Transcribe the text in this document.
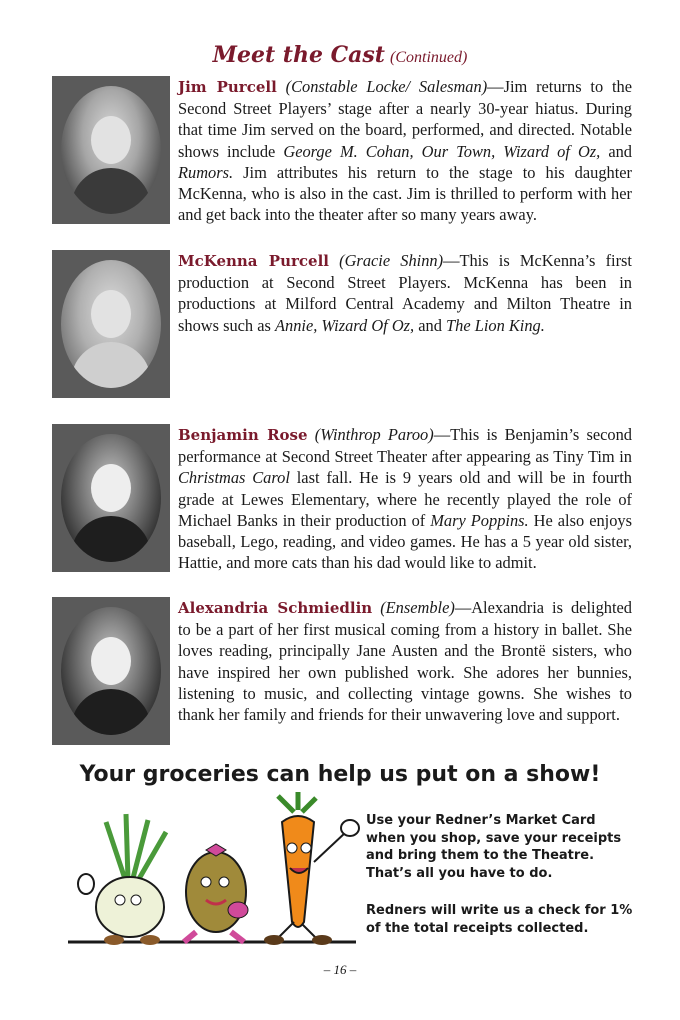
Meet the Cast (Continued)
Jim Purcell (Constable Locke/ Salesman)—Jim returns to the Second Street Players’ stage after a nearly 30-year hiatus. During that time Jim served on the board, performed, and directed. Notable shows include George M. Cohan, Our Town, Wizard of Oz, and Rumors. Jim attributes his return to the stage to his daughter McKenna, who is also in the cast. Jim is thrilled to perform with her and get back into the theater after so many years away.
McKenna Purcell (Gracie Shinn)—This is McKenna’s first production at Second Street Players. McKenna has been in productions at Milford Central Academy and Milton Theatre in shows such as Annie, Wizard Of Oz, and The Lion King.
Benjamin Rose (Winthrop Paroo)—This is Benjamin’s second performance at Second Street Theater after appearing as Tiny Tim in Christmas Carol last fall. He is 9 years old and will be in fourth grade at Lewes Elementary, where he recently played the role of Michael Banks in their production of Mary Poppins. He also enjoys baseball, Lego, reading, and video games. He has a 5 year old sister, Hattie, and more cats than his dad would like to admit.
Alexandria Schmiedlin (Ensemble)—Alexandria is delighted to be a part of her first musical coming from a history in ballet. She loves reading, principally Jane Austen and the Brontë sisters, who have inspired her own published work. She adores her bunnies, listening to music, and collecting vintage gowns. She wishes to thank her family and friends for their unwavering love and support.
Your groceries can help us put on a show!
Use your Redner’s Market Card when you shop, save your receipts and bring them to the Theatre. That’s all you have to do.
Redners will write us a check for 1% of the total receipts collected.
– 16 –
